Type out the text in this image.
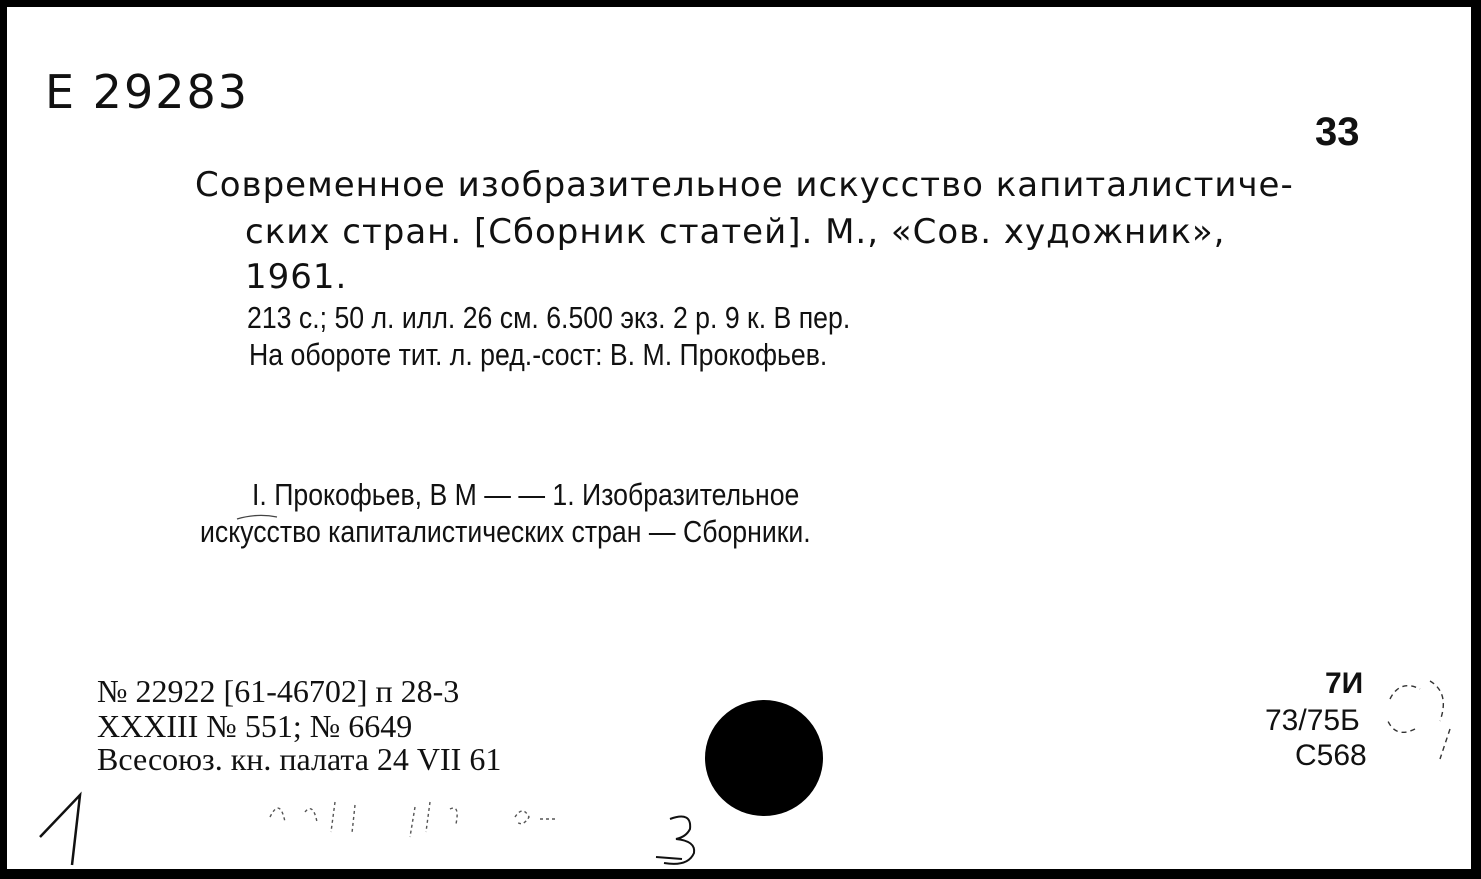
E 29283
33
Современное изобразительное искусство капиталистиче-
ских стран. [Сборник статей]. М., «Сов. художник»,
1961.
213 с.; 50 л. илл. 26 см. 6.500 экз. 2 р. 9 к. В пер.
На обороте тит. л. ред.-сост: В. М. Прокофьев.
I. Прокофьев, В М — — 1. Изобразительное
искусство капиталистических стран — Сборники.
№ 22922 [61-46702] п 28-3
XXXIII № 551; № 6649
Всесоюз. кн. палата 24 VII 61
7И
73/75Б
С568
